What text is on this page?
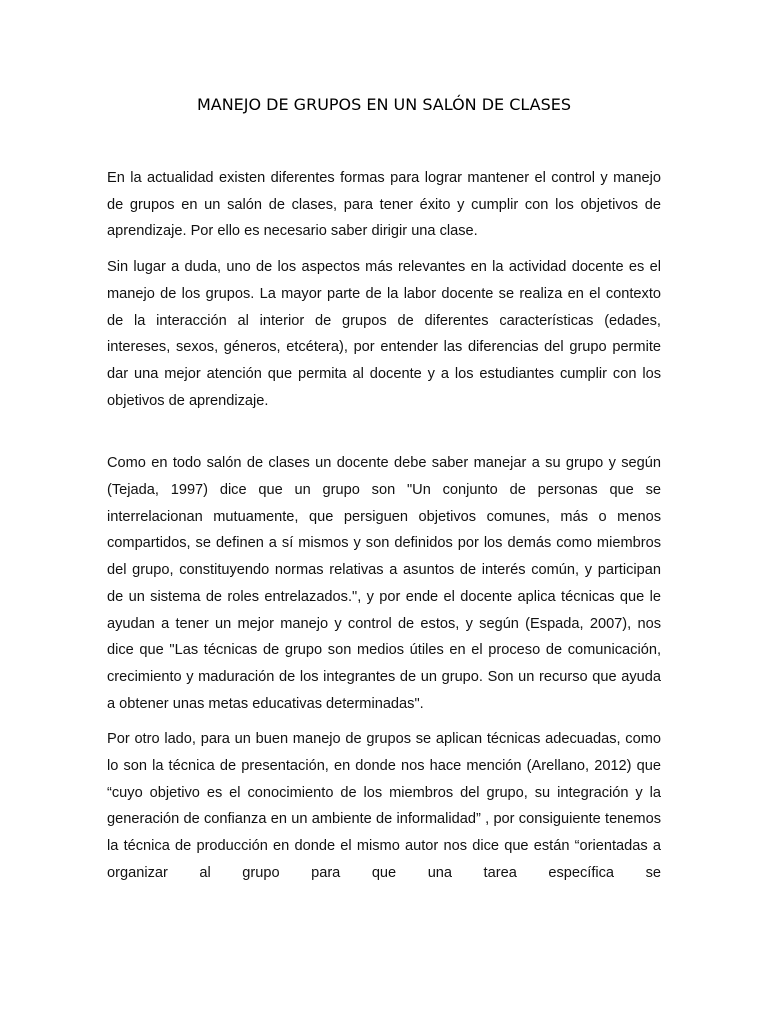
MANEJO DE GRUPOS EN UN SALÓN DE CLASES

En la actualidad existen diferentes formas para lograr mantener el control y manejo de grupos en un salón de clases, para tener éxito y cumplir con los objetivos de aprendizaje. Por ello es necesario saber dirigir una clase.

Sin lugar a duda, uno de los aspectos más relevantes en la actividad docente es el manejo de los grupos. La mayor parte de la labor docente se realiza en el contexto de la interacción al interior de grupos de diferentes características (edades, intereses, sexos, géneros, etcétera), por entender las diferencias del grupo permite dar una mejor atención que permita al docente y a los estudiantes cumplir con los objetivos de aprendizaje.

Como en todo salón de clases un docente debe saber manejar a su grupo y según (Tejada, 1997) dice que un grupo son "Un conjunto de personas que se interrelacionan mutuamente, que persiguen objetivos comunes, más o menos compartidos, se definen a sí mismos y son definidos por los demás como miembros del grupo, constituyendo normas relativas a asuntos de interés común, y participan de un sistema de roles entrelazados.", y por ende el docente aplica técnicas que le ayudan a tener un mejor manejo y control de estos, y según (Espada, 2007), nos dice que "Las técnicas de grupo son medios útiles en el proceso de comunicación, crecimiento y maduración de los integrantes de un grupo. Son un recurso que ayuda a obtener unas metas educativas determinadas".

Por otro lado, para un buen manejo de grupos se aplican técnicas adecuadas, como lo son la técnica de presentación, en donde nos hace mención (Arellano, 2012) que “cuyo objetivo es el conocimiento de los miembros del grupo, su integración y la generación de confianza en un ambiente de informalidad” , por consiguiente tenemos la técnica de producción en donde el mismo autor nos dice que están “orientadas a organizar al grupo para que una tarea específica se
